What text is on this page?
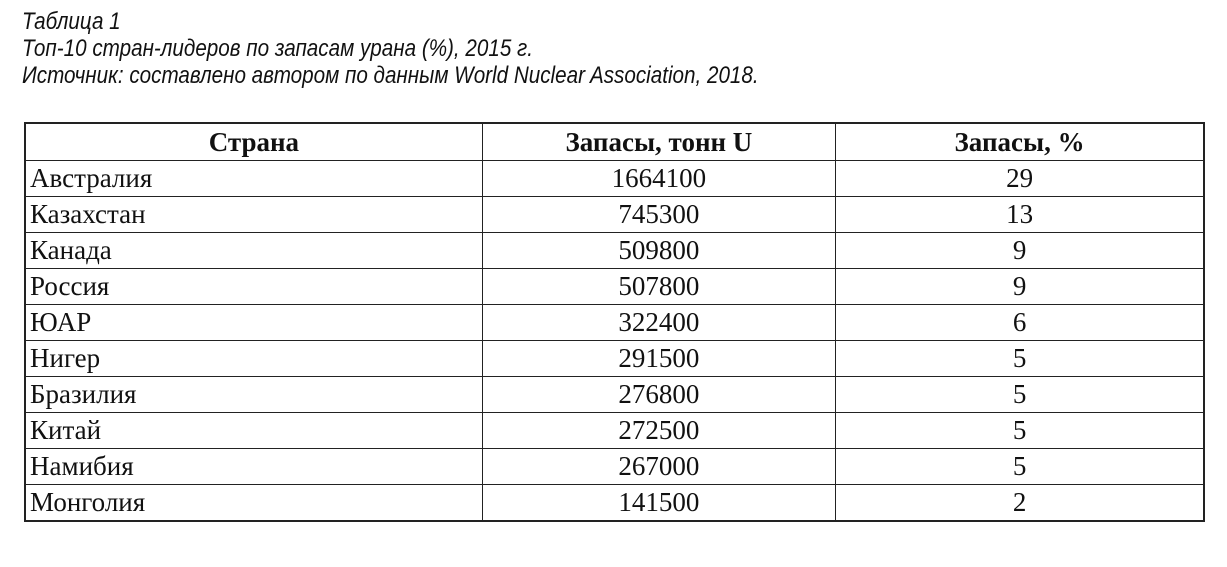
Таблица 1
Топ-10 стран-лидеров по запасам урана (%), 2015 г.
Источник: составлено автором по данным World Nuclear Association, 2018.
Страна	Запасы, тонн U	Запасы, %
Австралия	1664100	29
Казахстан	745300	13
Канада	509800	9
Россия	507800	9
ЮАР	322400	6
Нигер	291500	5
Бразилия	276800	5
Китай	272500	5
Намибия	267000	5
Монголия	141500	2
